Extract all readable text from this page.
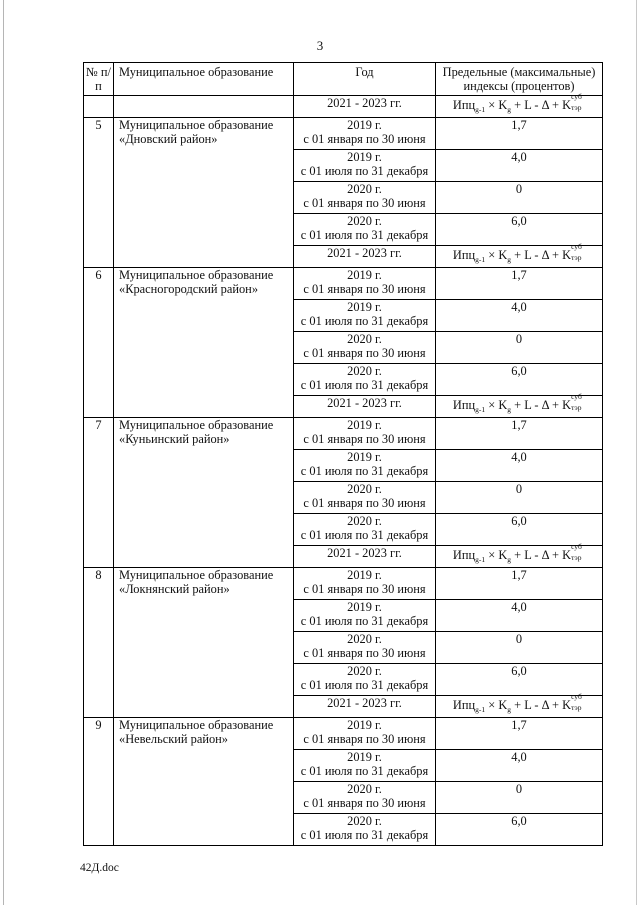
3
№ п/п	Муниципальное образование	Год	Предельные (максимальные) индексы (процентов)
		2021 - 2023 гг.	$Ипц_{g-1} \times K_g + L - \Delta + K$
суб
тэр

5	Муниципальное образование «Дновский район»	2019 г.
с 01 января по 30 июня	1,7

		2019 г.
с 01 июля по 31 декабря	4,0

		2020 г.
с 01 января по 30 июня	0

		2020 г.
с 01 июля по 31 декабря	6,0
		2021 - 2023 гг.	$Ипц_{g-1} \times K_g + L - \Delta + K$
суб
тэр

6	Муниципальное образование «Красногородский район»	2019 г.
с 01 января по 30 июня	1,7

		2019 г.
с 01 июля по 31 декабря	4,0

		2020 г.
с 01 января по 30 июня	0

		2020 г.
с 01 июля по 31 декабря	6,0
		2021 - 2023 гг.	$Ипц_{g-1} \times K_g + L - \Delta + K$
суб
тэр

7	Муниципальное образование «Куньинский район»	2019 г.
с 01 января по 30 июня	1,7

		2019 г.
с 01 июля по 31 декабря	4,0

		2020 г.
с 01 января по 30 июня	0

		2020 г.
с 01 июля по 31 декабря	6,0
		2021 - 2023 гг.	$Ипц_{g-1} \times K_g + L - \Delta + K$
суб
тэр

8	Муниципальное образование «Локнянский район»	2019 г.
с 01 января по 30 июня	1,7

		2019 г.
с 01 июля по 31 декабря	4,0

		2020 г.
с 01 января по 30 июня	0

		2020 г.
с 01 июля по 31 декабря	6,0
		2021 - 2023 гг.	$Ипц_{g-1} \times K_g + L - \Delta + K$
суб
тэр

9	Муниципальное образование «Невельский район»	2019 г.
с 01 января по 30 июня	1,7

		2019 г.
с 01 июля по 31 декабря	4,0

		2020 г.
с 01 января по 30 июня	0

		2020 г.
с 01 июля по 31 декабря	6,0
42Д.doc
